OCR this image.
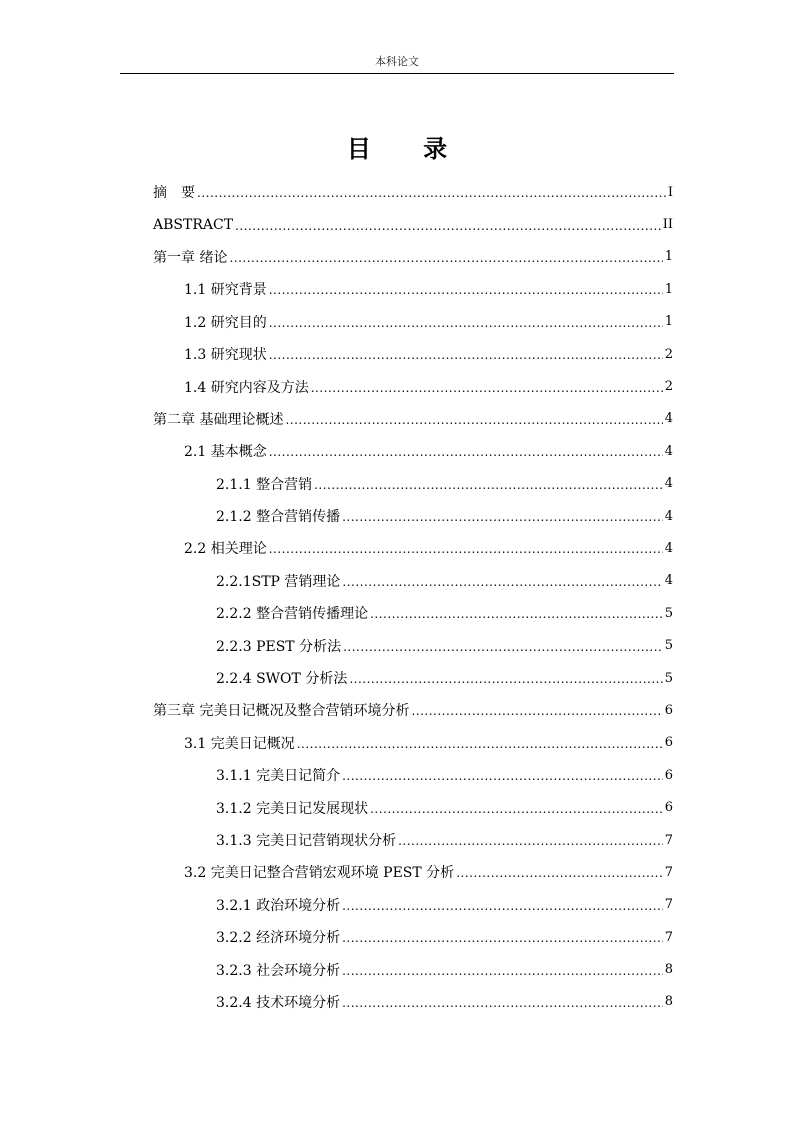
本科论文
目 录
摘　要 .....	I
ABSTRACT .....	II
第一章 绪论 .....	1
1.1 研究背景 .....	1
1.2 研究目的 .....	1
1.3 研究现状 .....	2
1.4 研究内容及方法 .....	2
第二章 基础理论概述 .....	4
2.1 基本概念 .....	4
2.1.1 整合营销 .....	4
2.1.2 整合营销传播 .....	4
2.2 相关理论 .....	4
2.2.1STP 营销理论 .....	4
2.2.2 整合营销传播理论 .....	5
2.2.3 PEST 分析法 .....	5
2.2.4 SWOT 分析法 .....	5
第三章 完美日记概况及整合营销环境分析 .....	6
3.1 完美日记概况 .....	6
3.1.1 完美日记简介 .....	6
3.1.2 完美日记发展现状 .....	6
3.1.3 完美日记营销现状分析 .....	7
3.2 完美日记整合营销宏观环境 PEST 分析 .....	7
3.2.1 政治环境分析 .....	7
3.2.2 经济环境分析 .....	7
3.2.3 社会环境分析 .....	8
3.2.4 技术环境分析 .....	8
